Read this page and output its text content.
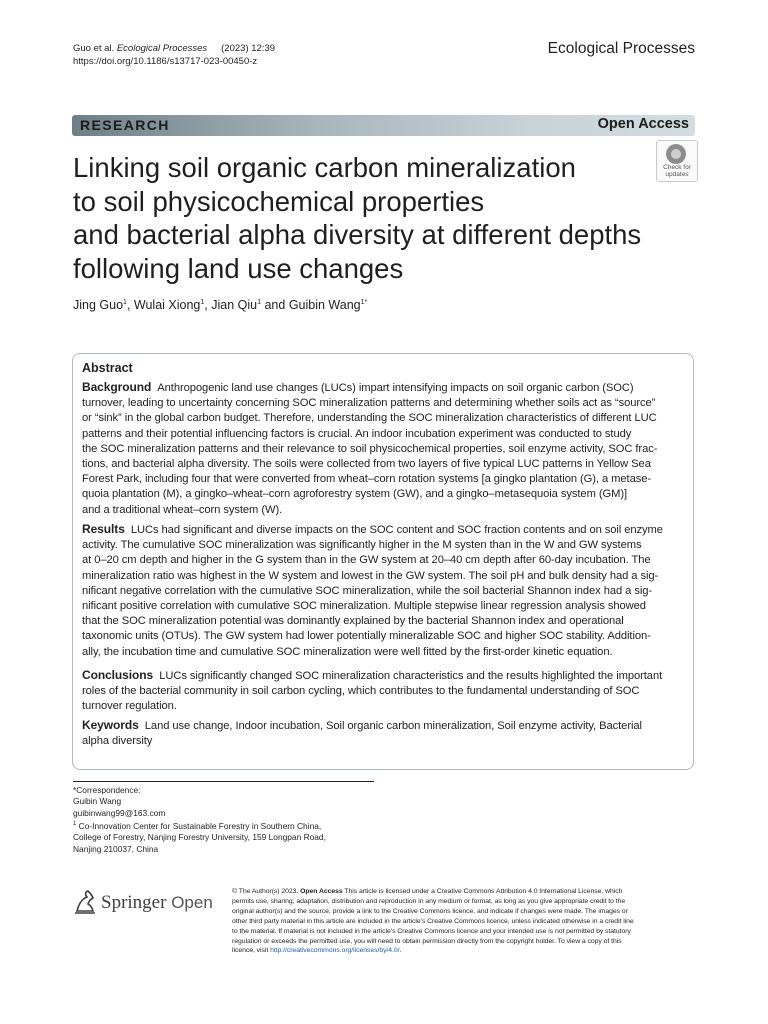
Guo et al. Ecological Processes (2023) 12:39
https://doi.org/10.1186/s13717-023-00450-z
Ecological Processes
RESEARCH	Open Access
Check for
updates
Linking soil organic carbon mineralization
to soil physicochemical properties
and bacterial alpha diversity at different depths
following land use changes
Jing Guo$^1$, Wulai Xiong$^1$, Jian Qiu$^1$ and Guibin Wang$^{1*}$
Abstract
Background Anthropogenic land use changes (LUCs) impart intensifying impacts on soil organic carbon (SOC)
turnover, leading to uncertainty concerning SOC mineralization patterns and determining whether soils act as “source”
or “sink” in the global carbon budget. Therefore, understanding the SOC mineralization characteristics of different LUC
patterns and their potential influencing factors is crucial. An indoor incubation experiment was conducted to study
the SOC mineralization patterns and their relevance to soil physicochemical properties, soil enzyme activity, SOC frac-
tions, and bacterial alpha diversity. The soils were collected from two layers of five typical LUC patterns in Yellow Sea
Forest Park, including four that were converted from wheat–corn rotation systems [a gingko plantation (G), a metase-
quoia plantation (M), a gingko–wheat–corn agroforestry system (GW), and a gingko–metasequoia system (GM)]
and a traditional wheat–corn system (W).
Results LUCs had significant and diverse impacts on the SOC content and SOC fraction contents and on soil enzyme
activity. The cumulative SOC mineralization was significantly higher in the M systen than in the W and GW systems
at 0–20 cm depth and higher in the G system than in the GW system at 20–40 cm depth after 60-day incubation. The
mineralization ratio was highest in the W system and lowest in the GW system. The soil pH and bulk density had a sig-
nificant negative correlation with the cumulative SOC mineralization, while the soil bacterial Shannon index had a sig-
nificant positive correlation with cumulative SOC mineralization. Multiple stepwise linear regression analysis showed
that the SOC mineralization potential was dominantly explained by the bacterial Shannon index and operational
taxonomic units (OTUs). The GW system had lower potentially mineralizable SOC and higher SOC stability. Addition-
ally, the incubation time and cumulative SOC mineralization were well fitted by the first-order kinetic equation.
Conclusions LUCs significantly changed SOC mineralization characteristics and the results highlighted the important
roles of the bacterial community in soil carbon cycling, which contributes to the fundamental understanding of SOC
turnover regulation.
Keywords Land use change, Indoor incubation, Soil organic carbon mineralization, Soil enzyme activity, Bacterial
alpha diversity
*Correspondence:
Guibin Wang
guibinwang99@163.com
$^1$ Co-Innovation Center for Sustainable Forestry in Southern China,
College of Forestry, Nanjing Forestry University, 159 Longpan Road,
Nanjing 210037, China
Springer Open
© The Author(s) 2023. Open Access This article is licensed under a Creative Commons Attribution 4.0 International License, which
permits use, sharing, adaptation, distribution and reproduction in any medium or format, as long as you give appropriate credit to the
original author(s) and the source, provide a link to the Creative Commons licence, and indicate if changes were made. The images or
other third party material in this article are included in the article’s Creative Commons licence, unless indicated otherwise in a credit line
to the material. If material is not included in the article’s Creative Commons licence and your intended use is not permitted by statutory
regulation or exceeds the permitted use, you will need to obtain permission directly from the copyright holder. To view a copy of this
licence, visit http://creativecommons.org/licenses/by/4.0/.
